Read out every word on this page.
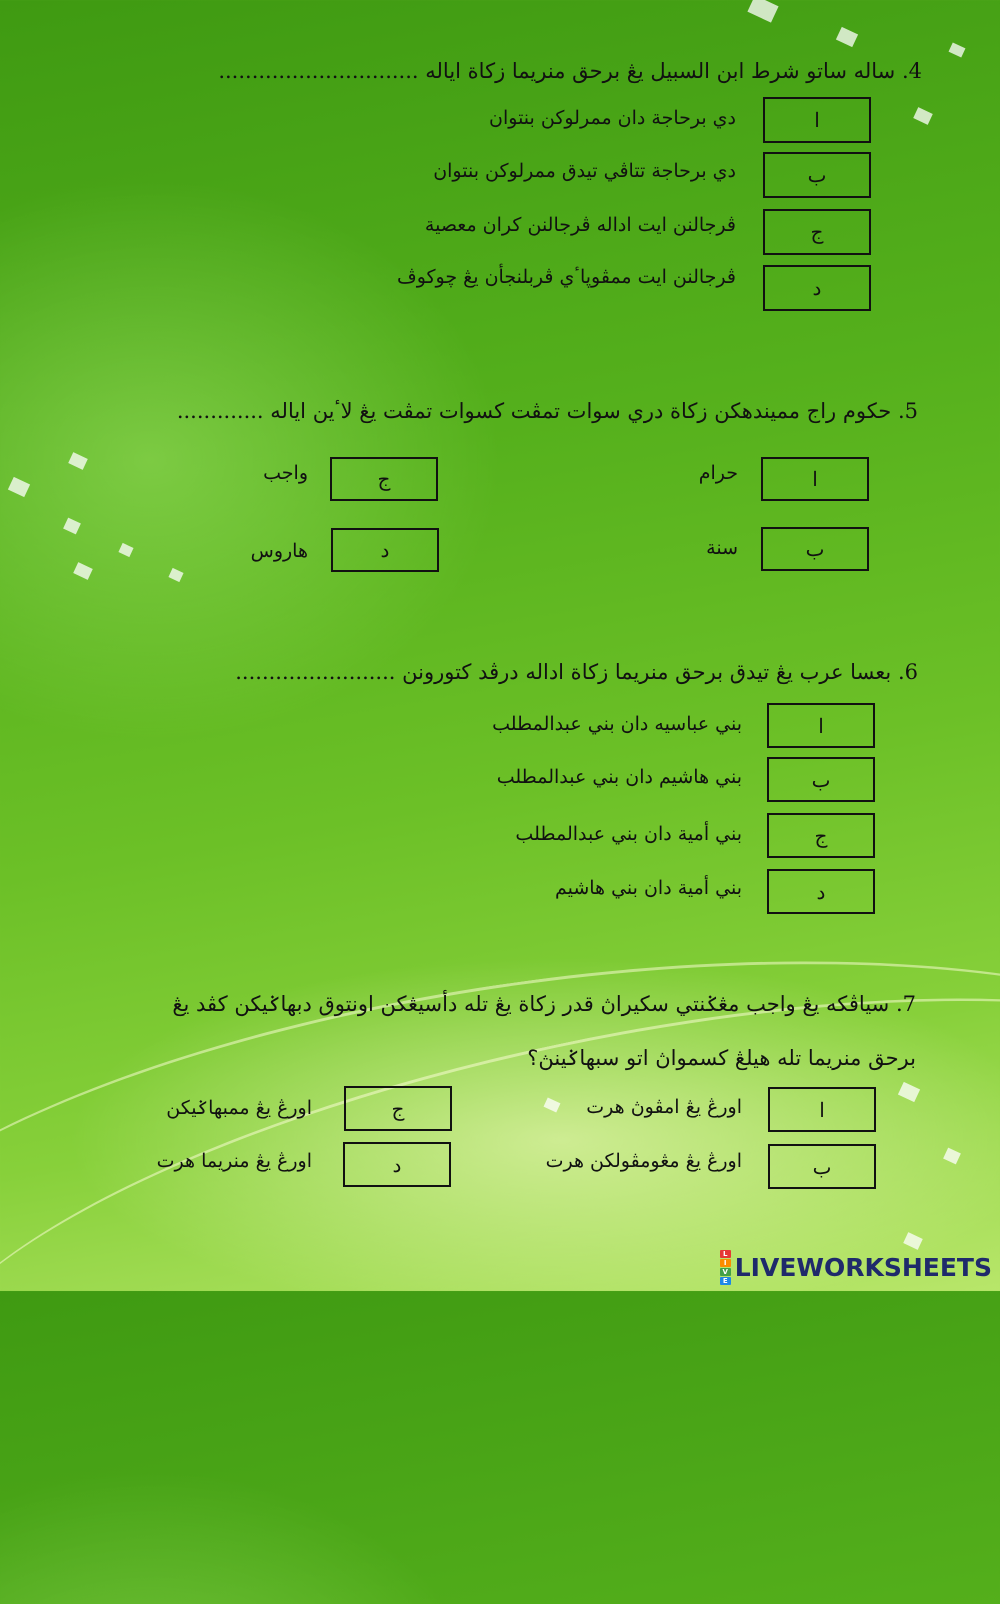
4. ساله ساتو شرط ابن السبيل يڠ برحق منريما زكاة اياله ..............................
ا
دي برحاجة دان ممرلوكن بنتوان
ب
دي برحاجة تتاڤي تيدق ممرلوكن بنتوان
ج
ڤرجالنن ايت اداله ڤرجالنن كران معصية
د
ڤرجالنن ايت ممڤوڽاٴي ڤربلنجأن يڠ چوكوڤ
5. حكوم راج مميندهكن زكاة دري سوات تمڤت كسوات تمڤت يڠ لاٴين اياله .............
ا
حرام
ب
سنة
ج
واجب
د
هاروس
6. بعسا عرب يڠ تيدق برحق منريما زكاة اداله درڤد كتورونن ........................
ا
بني عباسيه دان بني عبدالمطلب
ب
بني هاشيم دان بني عبدالمطلب
ج
بني أمية دان بني عبدالمطلب
د
بني أمية دان بني هاشيم
7. سياڤكه يڠ واجب مڠݢنتي سكيراڽ قدر زكاة يڠ تله دأسيڠكن اونتوق دبهاݢيكن كڤد يڠ برحق منريما تله هيلڠ كسمواڽ اتو سبهاݢينڽ؟
ا
اورڠ يڠ امڤوڽ هرت
ب
اورڠ يڠ مڠومڤولكن هرت
ج
اورڠ يڠ ممبهاݢيكن
د
اورڠ يڠ منريما هرت
L
I
V
E LIVEWORKSHEETS
